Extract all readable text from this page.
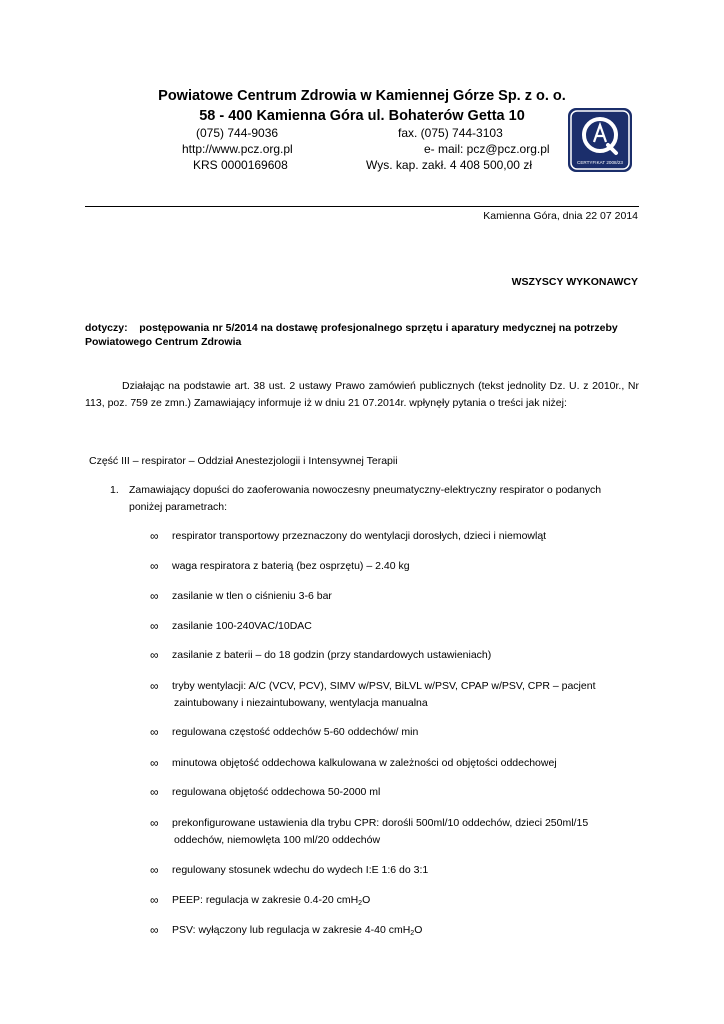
Powiatowe Centrum Zdrowia w Kamiennej Górze Sp. z o. o.
58 - 400 Kamienna Góra ul. Bohaterów Getta 10
(075) 744-9036	fax. (075) 744-3103
http://www.pcz.org.pl	e- mail: pcz@pcz.org.pl
KRS 0000169608	Wys. kap. zakł. 4 408 500,00 zł	CERTYFIKAT 2008/23
Kamienna Góra, dnia 22 07 2014
WSZYSCY WYKONAWCY
dotyczy: postępowania nr 5/2014 na dostawę profesjonalnego sprzętu i aparatury medycznej na potrzeby
Powiatowego Centrum Zdrowia
Działając na podstawie art. 38 ust. 2 ustawy Prawo zamówień publicznych (tekst jednolity Dz. U. z 2010r., Nr 113, poz. 759 ze zmn.) Zamawiający informuje iż w dniu 21 07.2014r. wpłynęły pytania o treści jak niżej:
Część III – respirator – Oddział Anestezjologii i Intensywnej Terapii
1. Zamawiający dopuści do zaoferowania nowoczesny pneumatyczny-elektryczny respirator o podanych
poniżej parametrach:
∞ respirator transportowy przeznaczony do wentylacji dorosłych, dzieci i niemowląt
∞ waga respiratora z baterią (bez osprzętu) – 2.40 kg
∞ zasilanie w tlen o ciśnieniu 3-6 bar
∞ zasilanie 100-240VAC/10DAC
∞ zasilanie z baterii – do 18 godzin (przy standardowych ustawieniach)
∞ tryby wentylacji: A/C (VCV, PCV), SIMV w/PSV, BiLVL w/PSV, CPAP w/PSV, CPR – pacjent
zaintubowany i niezaintubowany, wentylacja manualna
∞ regulowana częstość oddechów 5-60 oddechów/ min
∞ minutowa objętość oddechowa kalkulowana w zależności od objętości oddechowej
∞ regulowana objętość oddechowa 50-2000 ml
∞ prekonfigurowane ustawienia dla trybu CPR: dorośli 500ml/10 oddechów, dzieci 250ml/15
oddechów, niemowlęta 100 ml/20 oddechów
∞ regulowany stosunek wdechu do wydech I:E 1:6 do 3:1
∞ PEEP: regulacja w zakresie 0.4-20 cmH$_2$O
∞ PSV: wyłączony lub regulacja w zakresie 4-40 cmH$_2$O
